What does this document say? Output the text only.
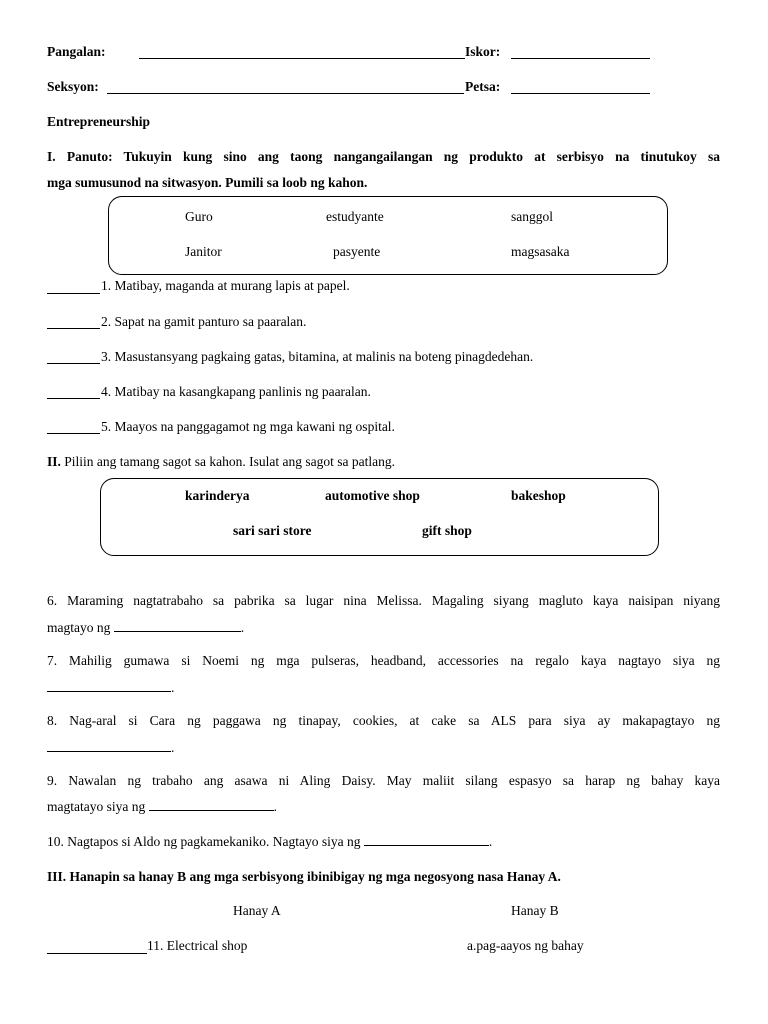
Pangalan:	Iskor:
Seksyon:	Petsa:
Entrepreneurship
I. Panuto: Tukuyin kung sino ang taong nangangailangan ng produkto at serbisyo na tinutukoy sa
mga sumusunod na sitwasyon. Pumili sa loob ng kahon.
Guro	estudyante	sanggol
Janitor	pasyente	magsasaka
1. Matibay, maganda at murang lapis at papel.
2. Sapat na gamit panturo sa paaralan.
3. Masustansyang pagkaing gatas, bitamina, at malinis na boteng pinagdedehan.
4. Matibay na kasangkapang panlinis ng paaralan.
5. Maayos na panggagamot ng mga kawani ng ospital.
II. Piliin ang tamang sagot sa kahon. Isulat ang sagot sa patlang.
karinderya	automotive shop	bakeshop
sari sari store	gift shop
6. Maraming nagtatrabaho sa pabrika sa lugar nina Melissa. Magaling siyang magluto kaya naisipan niyang
magtayo ng	.
7. Mahilig gumawa si Noemi ng mga pulseras, headband, accessories na regalo kaya nagtayo siya ng
.
8. Nag-aral si Cara ng paggawa ng tinapay, cookies, at cake sa ALS para siya ay makapagtayo ng
.
9. Nawalan ng trabaho ang asawa ni Aling Daisy. May maliit silang espasyo sa harap ng bahay kaya
magtatayo siya ng	.
10. Nagtapos si Aldo ng pagkamekaniko. Nagtayo siya ng	.
III. Hanapin sa hanay B ang mga serbisyong ibinibigay ng mga negosyong nasa Hanay A.
Hanay A	Hanay B
11. Electrical shop	a.pag-aayos ng bahay
